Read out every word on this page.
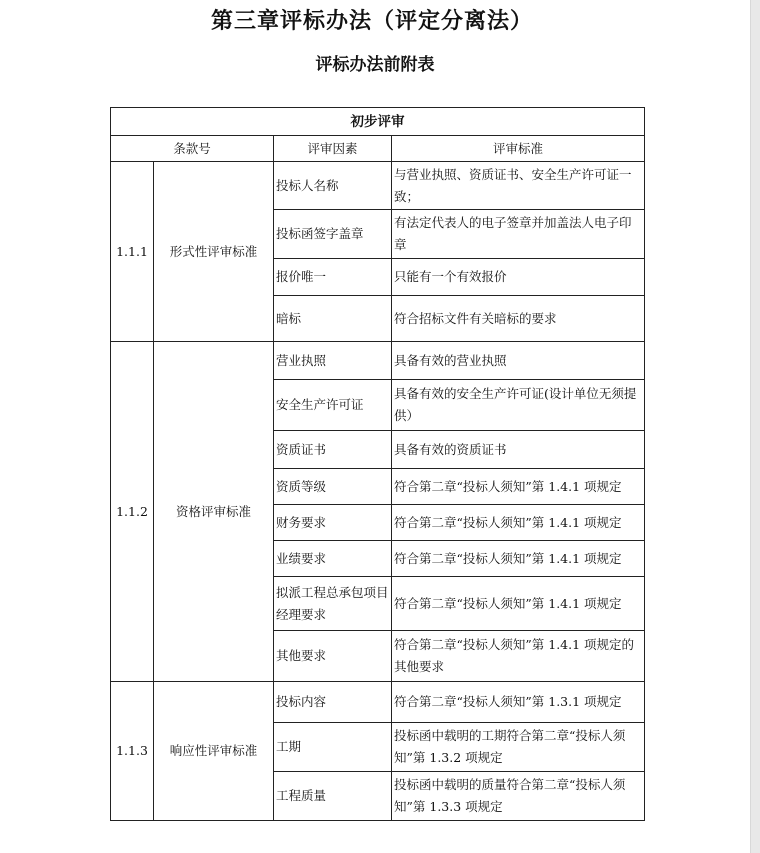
第三章评标办法（评定分离法）
评标办法前附表
初步评审			
条款号		评审因素	评审标准
1.1.1	形式性评审标准	投标人名称	与营业执照、资质证书、安全生产许可证一致；
		投标函签字盖章	有法定代表人的电子签章并加盖法人电子印章
		报价唯一	只能有一个有效报价
		暗标	符合招标文件有关暗标的要求
1.1.2	资格评审标准	营业执照	具备有效的营业执照
		安全生产许可证	具备有效的安全生产许可证(设计单位无须提供）
		资质证书	具备有效的资质证书
		资质等级	符合第二章“投标人须知”第 1.4.1 项规定
		财务要求	符合第二章“投标人须知”第 1.4.1 项规定
		业绩要求	符合第二章“投标人须知”第 1.4.1 项规定
		拟派工程总承包项目经理要求	符合第二章“投标人须知”第 1.4.1 项规定
		其他要求	符合第二章“投标人须知”第 1.4.1 项规定的其他要求
1.1.3	响应性评审标准	投标内容	符合第二章“投标人须知”第 1.3.1 项规定
		工期	投标函中载明的工期符合第二章“投标人须知”第 1.3.2 项规定
		工程质量	投标函中载明的质量符合第二章“投标人须知”第 1.3.3 项规定
